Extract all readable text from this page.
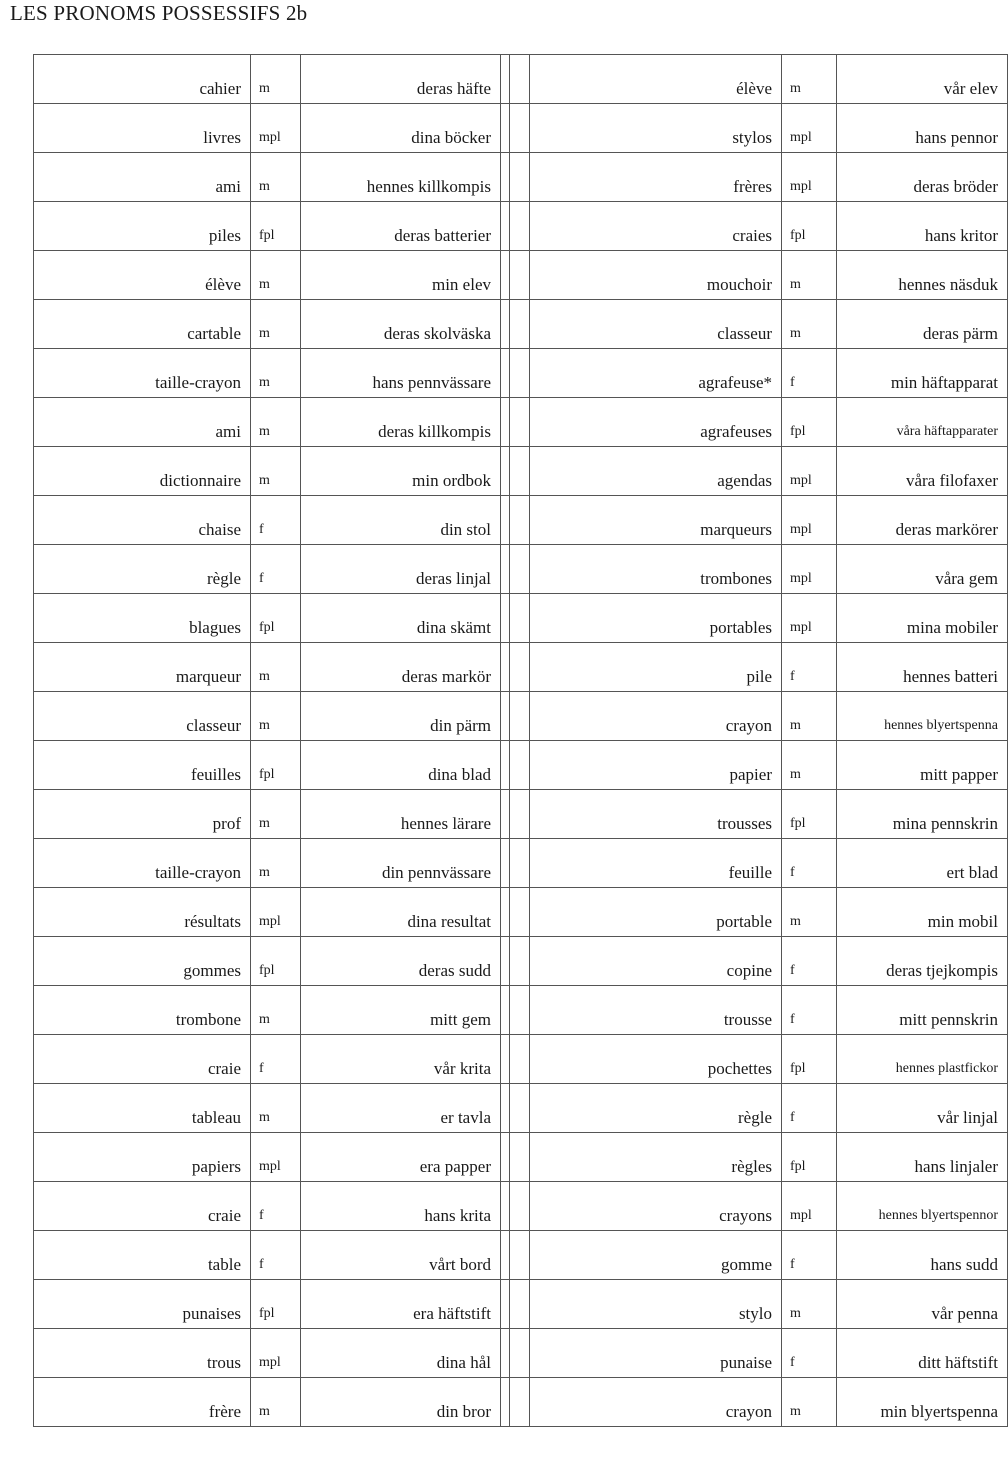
LES PRONOMS POSSESSIFS 2b
cahier	m	deras häfte			élève	m	vår elev
livres	mpl	dina böcker			stylos	mpl	hans pennor
ami	m	hennes killkompis			frères	mpl	deras bröder
piles	fpl	deras batterier			craies	fpl	hans kritor
élève	m	min elev			mouchoir	m	hennes näsduk
cartable	m	deras skolväska			classeur	m	deras pärm
taille-crayon	m	hans pennvässare			agrafeuse*	f	min häftapparat
ami	m	deras killkompis			agrafeuses	fpl	våra häftapparater
dictionnaire	m	min ordbok			agendas	mpl	våra filofaxer
chaise	f	din stol			marqueurs	mpl	deras markörer
règle	f	deras linjal			trombones	mpl	våra gem
blagues	fpl	dina skämt			portables	mpl	mina mobiler
marqueur	m	deras markör			pile	f	hennes batteri
classeur	m	din pärm			crayon	m	hennes blyertspenna
feuilles	fpl	dina blad			papier	m	mitt papper
prof	m	hennes lärare			trousses	fpl	mina pennskrin
taille-crayon	m	din pennvässare			feuille	f	ert blad
résultats	mpl	dina resultat			portable	m	min mobil
gommes	fpl	deras sudd			copine	f	deras tjejkompis
trombone	m	mitt gem			trousse	f	mitt pennskrin
craie	f	vår krita			pochettes	fpl	hennes plastfickor
tableau	m	er tavla			règle	f	vår linjal
papiers	mpl	era papper			règles	fpl	hans linjaler
craie	f	hans krita			crayons	mpl	hennes blyertspennor
table	f	vårt bord			gomme	f	hans sudd
punaises	fpl	era häftstift			stylo	m	vår penna
trous	mpl	dina hål			punaise	f	ditt häftstift
frère	m	din bror			crayon	m	min blyertspenna
